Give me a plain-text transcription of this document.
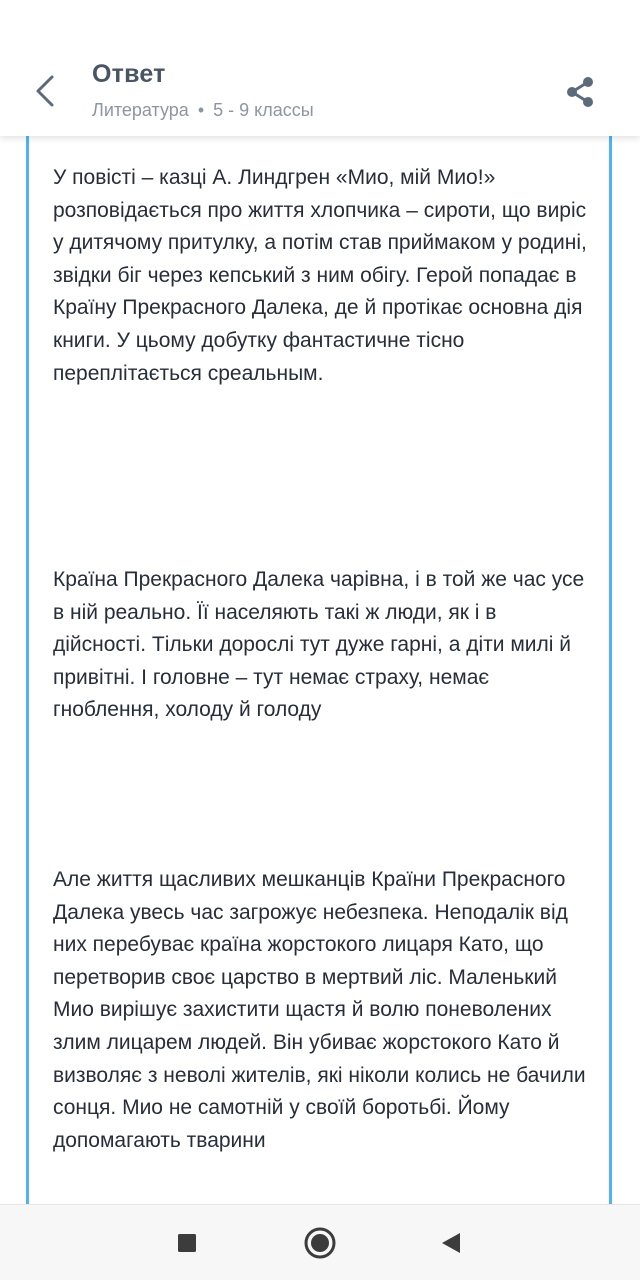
Ответ
Литература • 5 - 9 классы

У повісті – казці А. Линдгрен «Мио, мій Мио!» розповідається про життя хлопчика – сироти, що виріс у дитячому притулку, а потім став приймаком у родині, звідки біг через кепський з ним обігу. Герой попадає в Країну Прекрасного Далека, де й протікає основна дія книги. У цьому добутку фантастичне тісно переплітається среальным.

Країна Прекрасного Далека чарівна, і в той же час усе в ній реально. Її населяють такі ж люди, як і в дійсності. Тільки дорослі тут дуже гарні, а діти милі й привітні. І головне – тут немає страху, немає гноблення, холоду й голоду

Але життя щасливих мешканців Країни Прекрасного Далека увесь час загрожує небезпека. Неподалік від них перебуває країна жорстокого лицаря Като, що перетворив своє царство в мертвий ліс. Маленький Мио вирішує захистити щастя й волю поневолених злим лицарем людей. Він убиває жорстокого Като й визволяє з неволі жителів, які ніколи колись не бачили сонця. Мио не самотній у своїй боротьбі. Йому допомагають тварини
